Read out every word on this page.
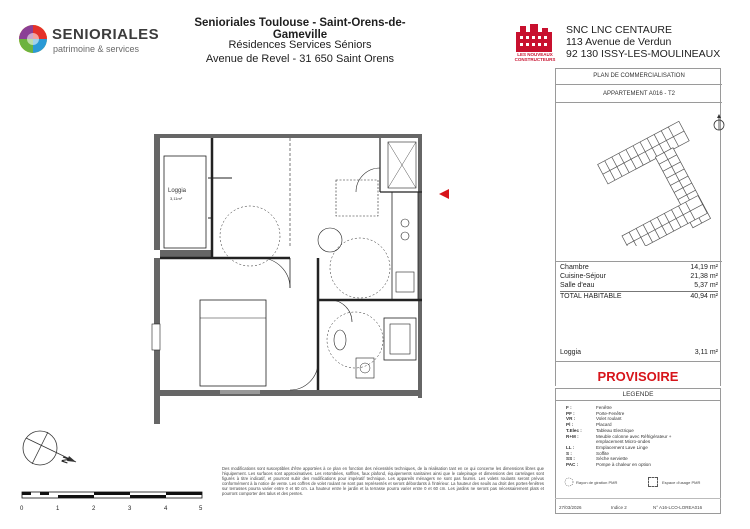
SENIORIALES
patrimoine & services
Senioriales Toulouse - Saint-Orens-de-Gameville
Résidences Services Séniors
Avenue de Revel - 31 650 Saint Orens	LES NOUVEAUX
CONSTRUCTEURS
SNC LNC CENTAURE
113 Avenue de Verdun
92 130 ISSY-LES-MOULINEAUX
PLAN DE COMMERCIALISATION
APPARTEMENT A016 - T2
Chambre	14,19 m²
Cuisine-Séjour	21,38 m²
Salle d'eau	5,37 m²
TOTAL HABITABLE	40,94 m²
Loggia	3,11 m²
PROVISOIRE
LEGENDE
F :	Fenêtre
PF :	Porte-Fenêtre
VR :	Volet roulant
Pl :	Placard
T.Elec :	Tableau Electrique
R+M :	Meuble colonne avec Réfrigérateur +
emplacement Micro-ondes
LL :	Emplacement Lave Linge
S :	Soffite
SS :	Sèche serviette
PAC :	Pompe à chaleur en option
Rayon de giration PMR	Espace d'usage PMR
27/03/2026	Indice 2	N° A16-LCO-LOREA016
Loggia
3,11m²
N
0	1	2	3	4	5
Des modifications sont susceptibles d'être apportées à ce plan en fonction des nécessités techniques, de la réalisation tant en ce qui concerne les dimensions libres que l'équipement. Les surfaces sont approximatives. Les retombées, soffites, faux plafond, équipements sanitaires ainsi que le calepinage et dimensions des carrelages sont figurés à titre indicatif, et pourront subir des modifications pour impératif technique. Les appareils ménagers ne sont pas fournis. Les volets roulants seront prévus conformément à la notice de vente. Les coffres de volet roulant ne sont pas représentés et seront débordants à l'intérieur. La hauteur des seuils au droit des portes-fenêtres sur terrasses pourra varier entre 0 et 60 cm. La hauteur entre le jardin et la terrasse pourra varier entre 0 et 60 cm. Les jardins ne seront pas nécessairement plats et pourront comporter des talus et des pentes.
